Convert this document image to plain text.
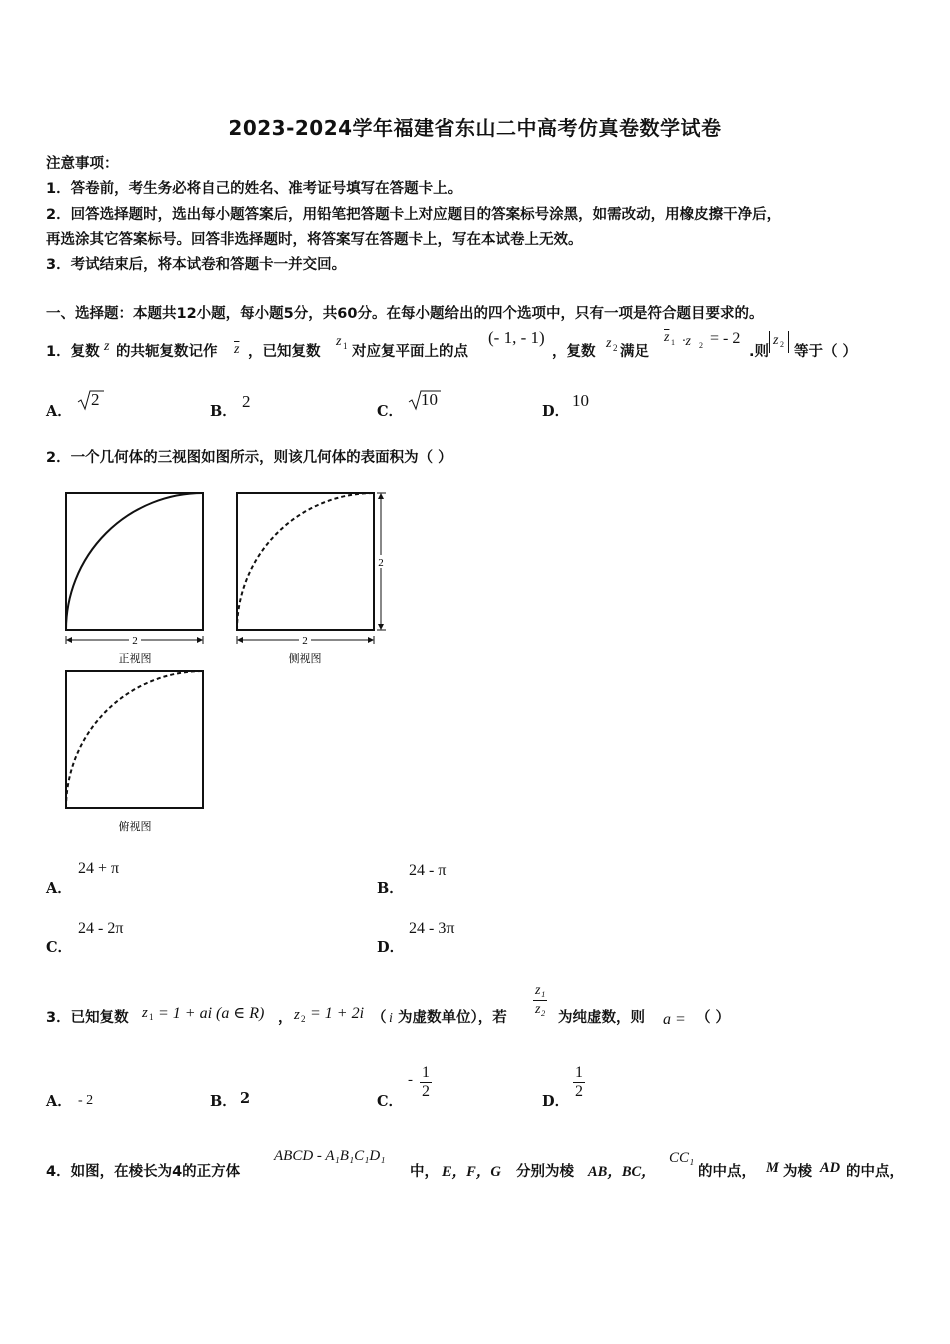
2023-2024学年福建省东山二中高考仿真卷数学试卷
注意事项：
1．答卷前，考生务必将自己的姓名、准考证号填写在答题卡上。
2．回答选择题时，选出每小题答案后，用铅笔把答题卡上对应题目的答案标号涂黑，如需改动，用橡皮擦干净后，
再选涂其它答案标号。回答非选择题时，将答案写在答题卡上，写在本试卷上无效。
3．考试结束后，将本试卷和答题卡一并交回。
一、选择题：本题共12小题，每小题5分，共60分。在每小题给出的四个选项中，只有一项是符合题目要求的。
1．复数 z 的共轭复数记作 $\overline{z}$ ，已知复数
z 1 对应复平面上的点
(- 1, - 1)
，复数
z 2 满足
$\overline{z}$ 1 ·z 2 = - 2
.则
z 2 等于（ ）
A．
2
B．
2
C．
10
D．
10
2．一个几何体的三视图如图所示，则该几何体的表面积为（ ）
2
正视图
2
2
侧视图
俯视图
A．
24 + π
B．
24 - π
C．
24 - 2π
D．
24 - 3π
3．已知复数 z 1 = 1 + ai (a ∈ R) ， z 2 = 1 + 2i （ i 为虚数单位），若 $\frac{\text{z₁}}{\text{z₂}}$ 为纯虚数，则 a = （ ）
A． - 2	B． 2	C．
- $\frac{1}{2}$
D．
$\frac{1}{2}$
4．如图，在棱长为4的正方体
ABCD - A₁B₁C₁D₁
中， E，F，G 分别为棱 AB，BC，
CC₁
的中点， M 为棱 AD 的中点，
